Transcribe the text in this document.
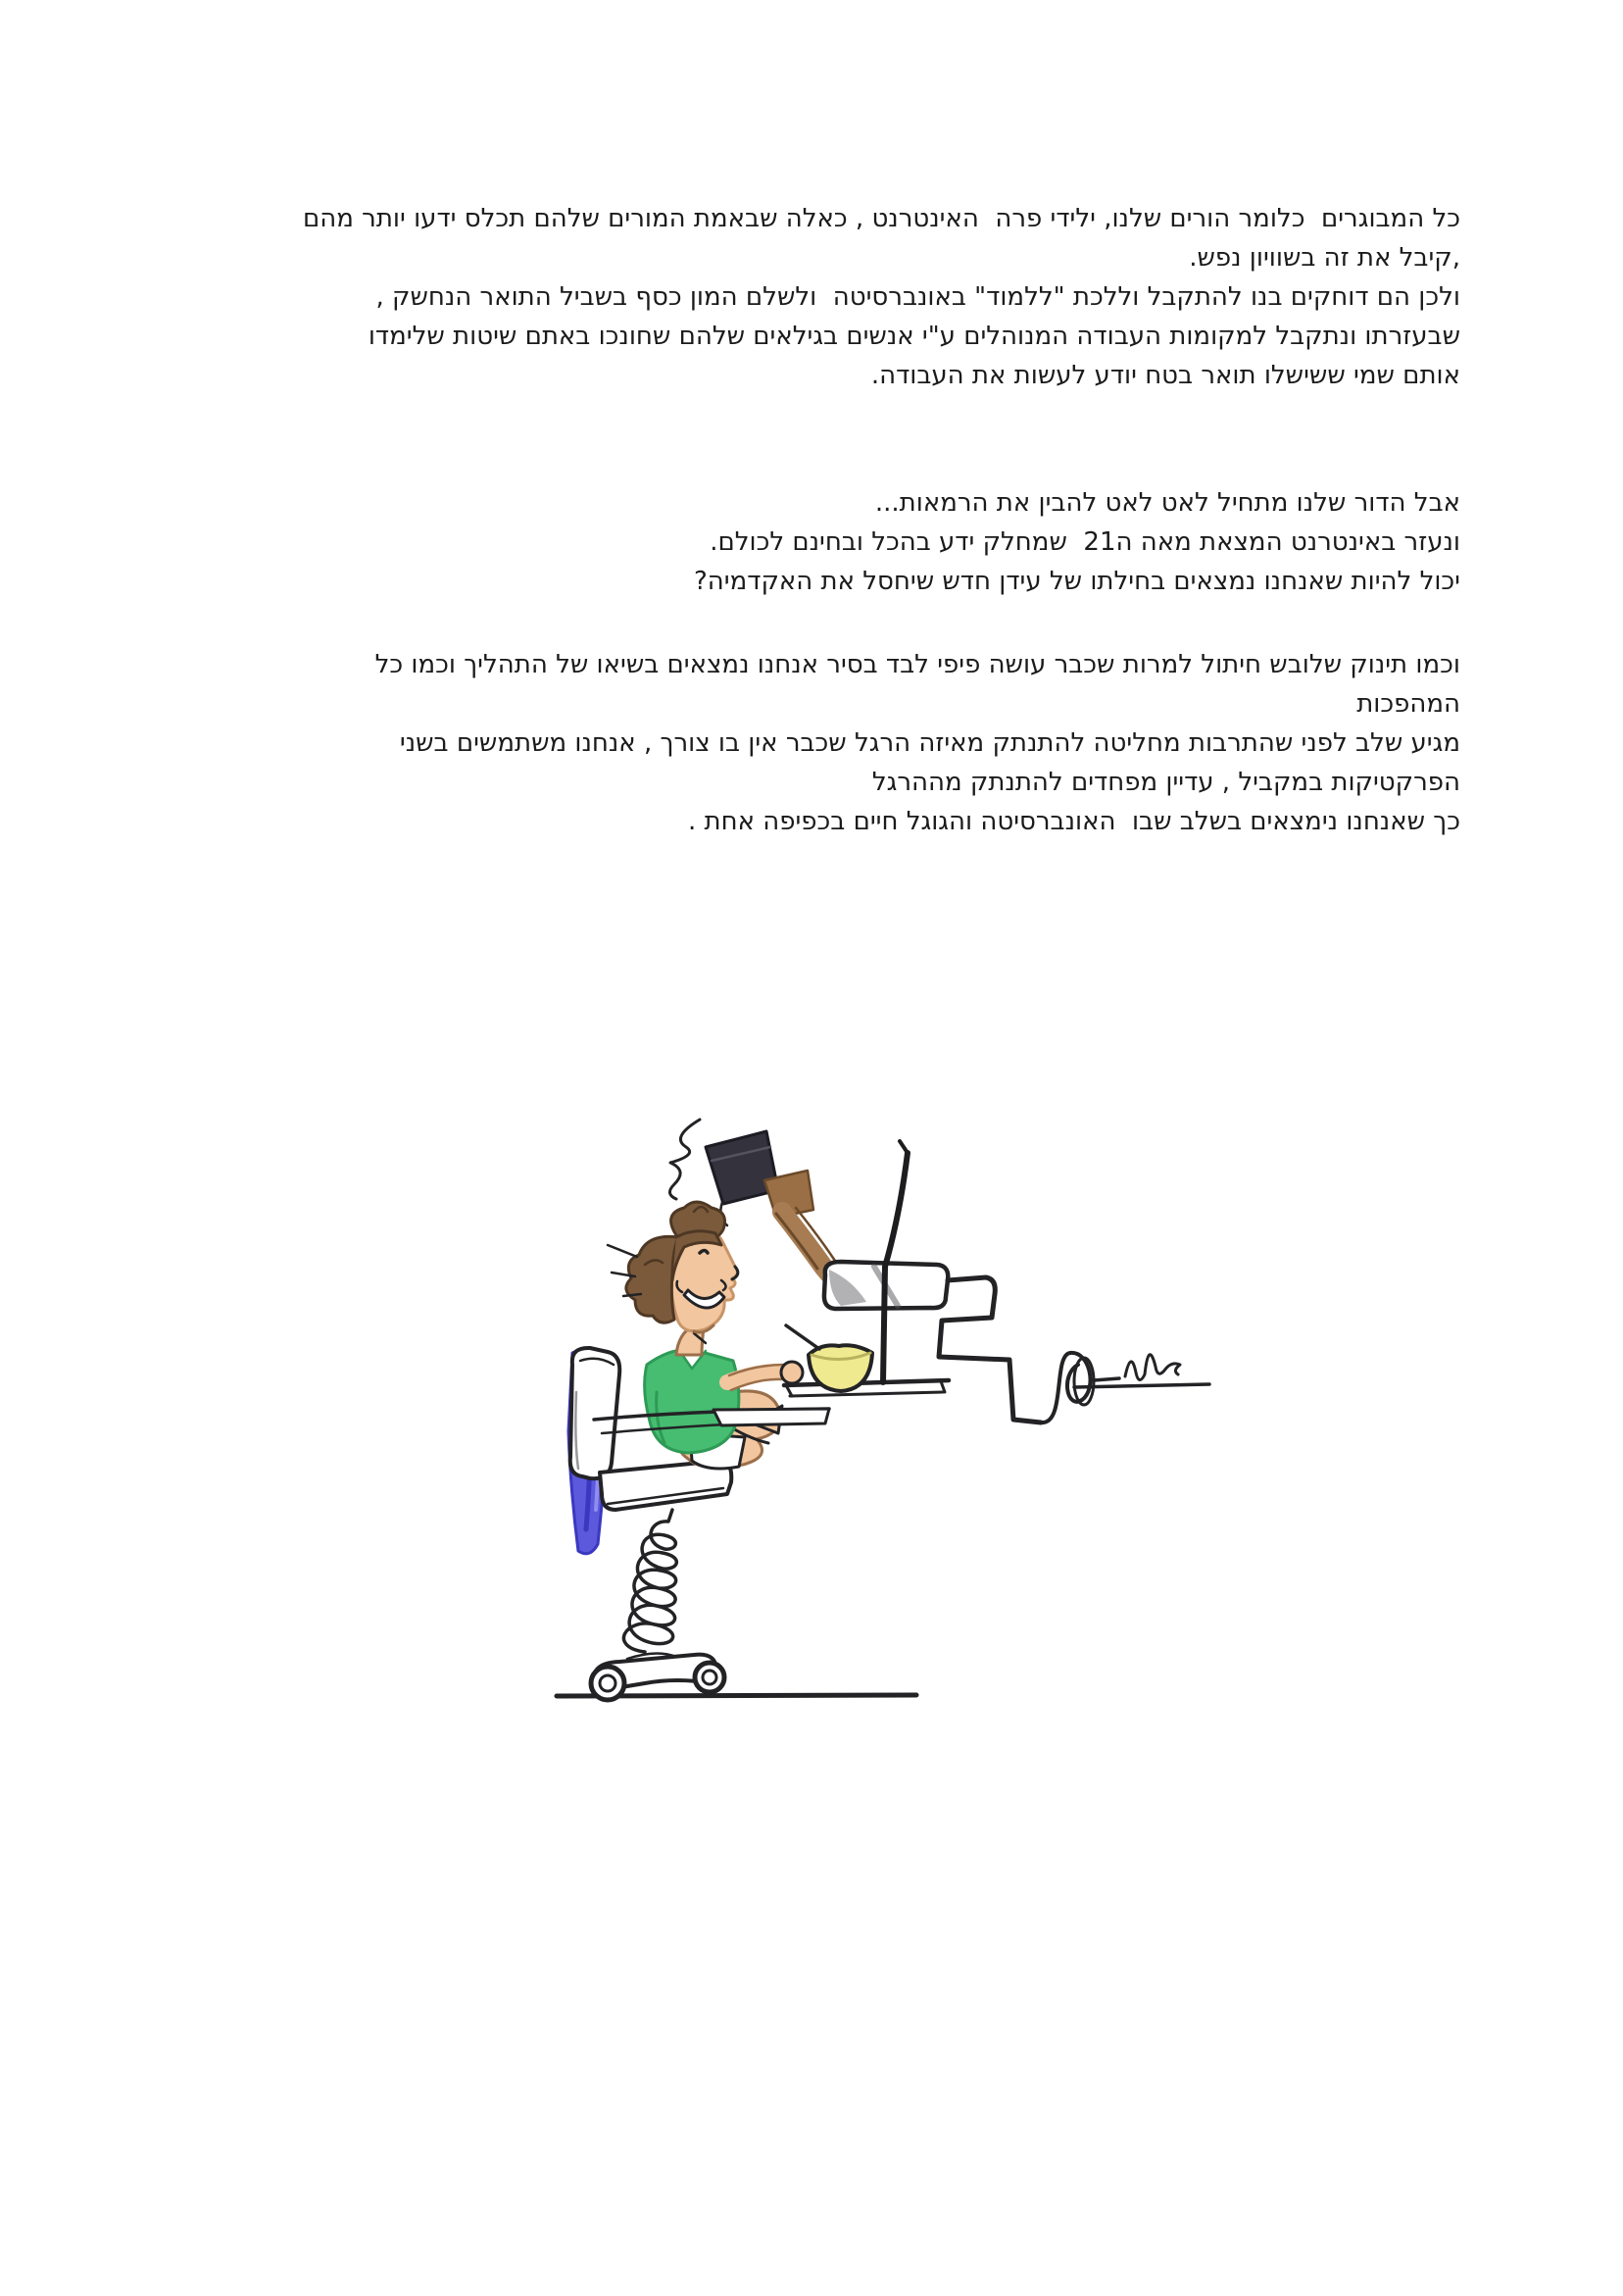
כל המבוגרים  כלומר הורים שלנו, ילידי פרה  האינטרנט , כאלה שבאמת המורים שלהם תכלס ידעו יותר מהם
,קיבל את זה בשוויון נפש.
ולכן הם דוחקים בנו להתקבל וללכת "ללמוד" באונברסיטה  ולשלם המון כסף בשביל התואר הנחשק ,
שבעזרתו ונתקבל למקומות העבודה המנוהלים ע"י אנשים בגילאים שלהם שחונכו באתם שיטות שלימדו
אותם שמי ששישלו תואר בטח יודע לעשות את העבודה.
אבל הדור שלנו מתחיל לאט לאט להבין את הרמאות...
ונעזר באינטרנט המצאת מאה ה21  שמחלק ידע בהכל ובחינם לכולם.
יכול להיות שאנחנו נמצאים בחילתו של עידן חדש שיחסל את האקדמיה?
וכמו תינוק שלובש חיתול למרות שכבר עושה פיפי לבד בסיר אנחנו נמצאים בשיאו של התהליך וכמו כל
המהפכות
מגיע שלב לפני שהתרבות מחליטה להתנתק מאיזה הרגל שכבר אין בו צורך , אנחנו משתמשים בשני
הפרקטיקות במקביל , עדיין מפחדים להתנתק מההרגל
כך שאנחנו נימצאים בשלב שבו  האונברסיטה והגוגל חיים בכפיפה אחת .
